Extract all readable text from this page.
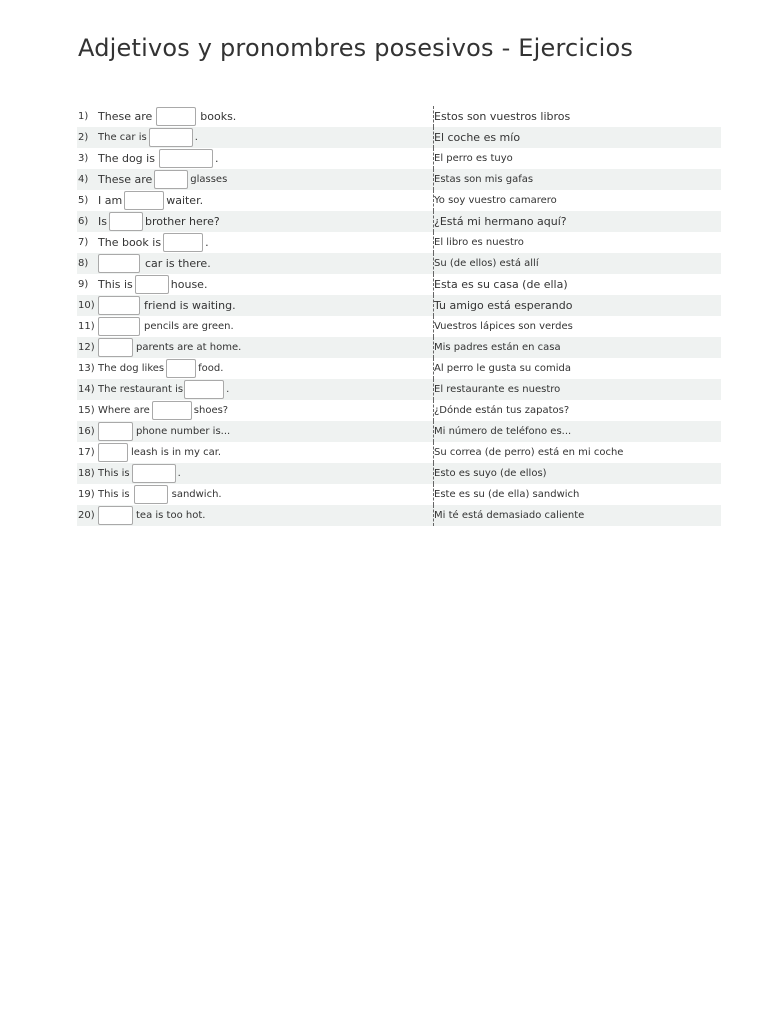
Adjetivos y pronombres posesivos - Ejercicios
1) These are	books.	Estos son vuestros libros
2) The car is	.	El coche es mío
3) The dog is	.	El perro es tuyo
4) These are	glasses	Estas son mis gafas
5) I am	waiter.	Yo soy vuestro camarero
6) Is	brother here?	¿Está mi hermano aquí?
7) The book is	.	El libro es nuestro
8)	car is there.	Su (de ellos) está allí
9) This is	house.	Esta es su casa (de ella)
10)	friend is waiting.	Tu amigo está esperando
11)	pencils are green.	Vuestros lápices son verdes
12)	parents are at home.	Mis padres están en casa
13) The dog likes	food.	Al perro le gusta su comida
14) The restaurant is	.	El restaurante es nuestro
15) Where are	shoes?	¿Dónde están tus zapatos?
16)	phone number is...	Mi número de teléfono es...
17)	leash is in my car.	Su correa (de perro) está en mi coche
18) This is	.	Esto es suyo (de ellos)
19) This is	sandwich.	Este es su (de ella) sandwich
20)	tea is too hot.	Mi té está demasiado caliente
